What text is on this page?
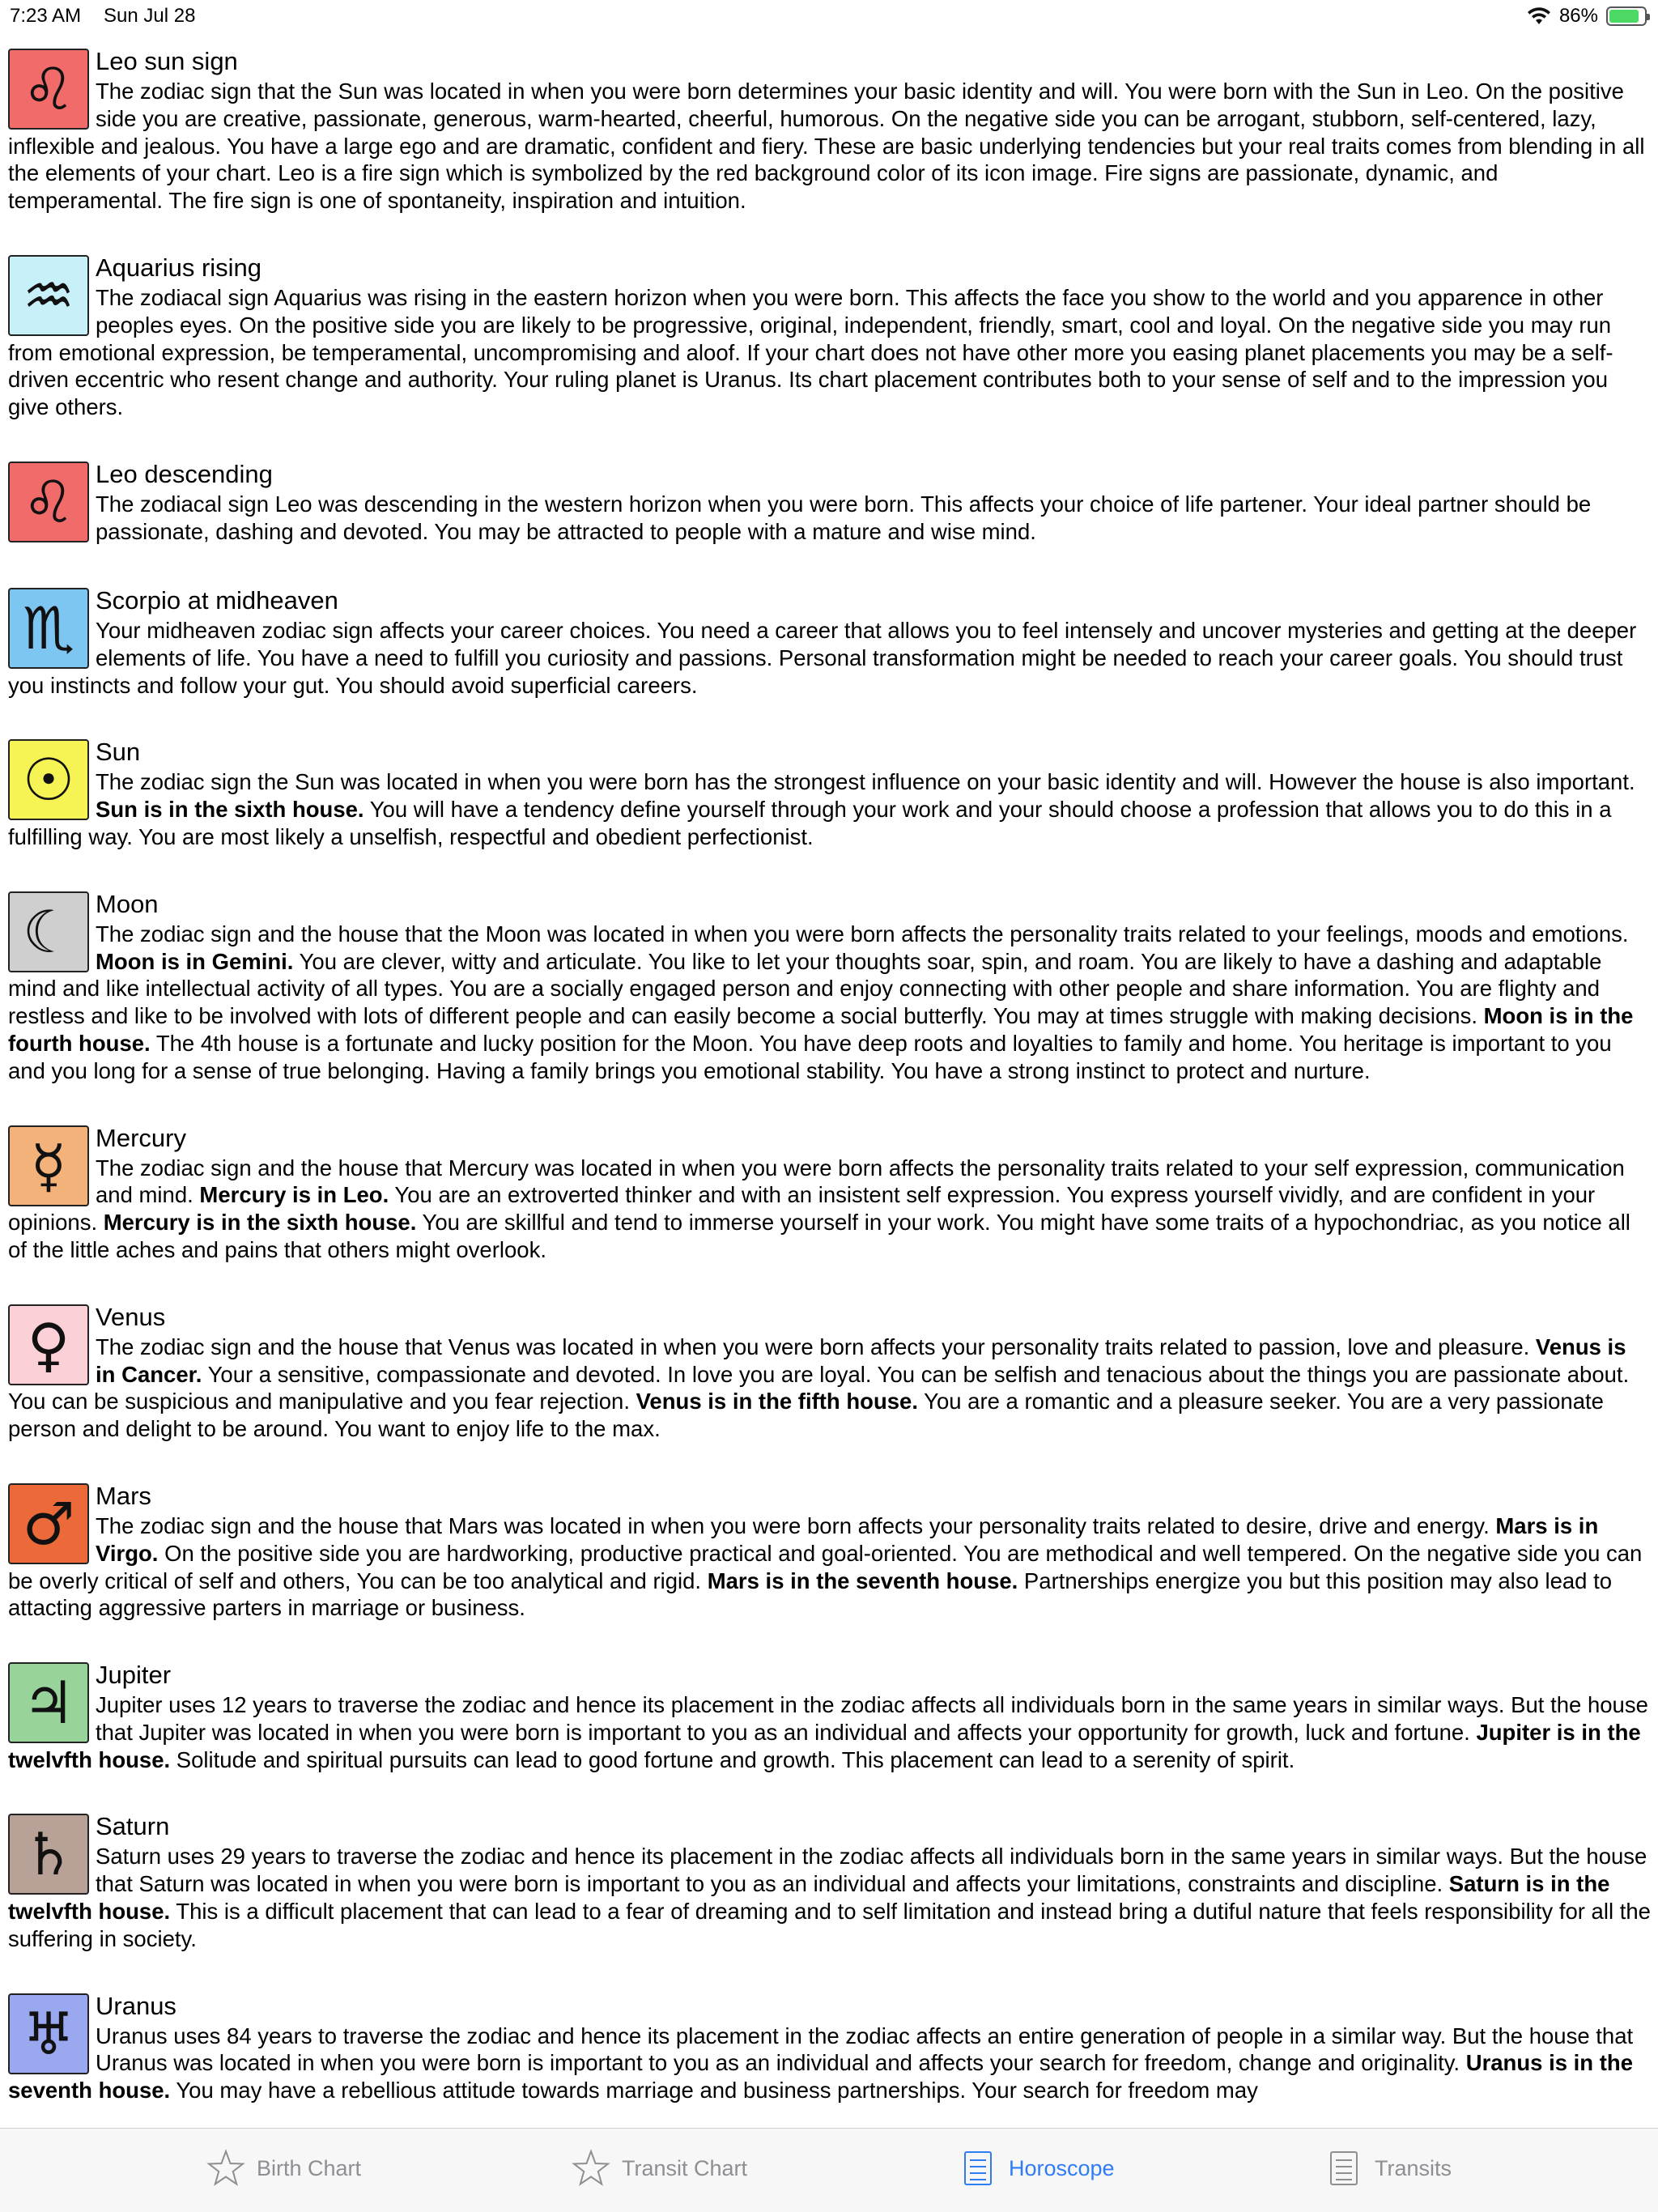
7:23 AM Sun Jul 28	86%
♌ Leo sun sign
The zodiac sign that the Sun was located in when you were born determines your basic identity and will. You were born with the Sun in Leo. On the positive side you are creative, passionate, generous, warm-hearted, cheerful, humorous. On the negative side you can be arrogant, stubborn, self-centered, lazy, inflexible and jealous. You have a large ego and are dramatic, confident and fiery. These are basic underlying tendencies but your real traits comes from blending in all the elements of your chart. Leo is a fire sign which is symbolized by the red background color of its icon image. Fire signs are passionate, dynamic, and temperamental. The fire sign is one of spontaneity, inspiration and intuition.
♒ Aquarius rising
The zodiacal sign Aquarius was rising in the eastern horizon when you were born. This affects the face you show to the world and you apparence in other peoples eyes. On the positive side you are likely to be progressive, original, independent, friendly, smart, cool and loyal. On the negative side you may run from emotional expression, be temperamental, uncompromising and aloof. If your chart does not have other more you easing planet placements you may be a self-driven eccentric who resent change and authority. Your ruling planet is Uranus. Its chart placement contributes both to your sense of self and to the impression you give others.
♌ Leo descending
The zodiacal sign Leo was descending in the western horizon when you were born. This affects your choice of life partener. Your ideal partner should be passionate, dashing and devoted. You may be attracted to people with a mature and wise mind.
♏ Scorpio at midheaven
Your midheaven zodiac sign affects your career choices. You need a career that allows you to feel intensely and uncover mysteries and getting at the deeper elements of life. You have a need to fulfill you curiosity and passions. Personal transformation might be needed to reach your career goals. You should trust you instincts and follow your gut. You should avoid superficial careers.
☉ Sun
The zodiac sign the Sun was located in when you were born has the strongest influence on your basic identity and will. However the house is also important. Sun is in the sixth house. You will have a tendency define yourself through your work and your should choose a profession that allows you to do this in a fulfilling way. You are most likely a unselfish, respectful and obedient perfectionist.
☾ Moon
The zodiac sign and the house that the Moon was located in when you were born affects the personality traits related to your feelings, moods and emotions. Moon is in Gemini. You are clever, witty and articulate. You like to let your thoughts soar, spin, and roam. You are likely to have a dashing and adaptable mind and like intellectual activity of all types. You are a socially engaged person and enjoy connecting with other people and share information. You are flighty and restless and like to be involved with lots of different people and can easily become a social butterfly. You may at times struggle with making decisions. Moon is in the fourth house. The 4th house is a fortunate and lucky position for the Moon. You have deep roots and loyalties to family and home. You heritage is important to you and you long for a sense of true belonging. Having a family brings you emotional stability. You have a strong instinct to protect and nurture.
☿ Mercury
The zodiac sign and the house that Mercury was located in when you were born affects the personality traits related to your self expression, communication and mind. Mercury is in Leo. You are an extroverted thinker and with an insistent self expression. You express yourself vividly, and are confident in your opinions. Mercury is in the sixth house. You are skillful and tend to immerse yourself in your work. You might have some traits of a hypochondriac, as you notice all of the little aches and pains that others might overlook.
♀ Venus
The zodiac sign and the house that Venus was located in when you were born affects your personality traits related to passion, love and pleasure. Venus is in Cancer. Your a sensitive, compassionate and devoted. In love you are loyal. You can be selfish and tenacious about the things you are passionate about. You can be suspicious and manipulative and you fear rejection. Venus is in the fifth house. You are a romantic and a pleasure seeker. You are a very passionate person and delight to be around. You want to enjoy life to the max.
♂ Mars
The zodiac sign and the house that Mars was located in when you were born affects your personality traits related to desire, drive and energy. Mars is in Virgo. On the positive side you are hardworking, productive practical and goal-oriented. You are methodical and well tempered. On the negative side you can be overly critical of self and others, You can be too analytical and rigid. Mars is in the seventh house. Partnerships energize you but this position may also lead to attacting aggressive parters in marriage or business.
♃ Jupiter
Jupiter uses 12 years to traverse the zodiac and hence its placement in the zodiac affects all individuals born in the same years in similar ways. But the house that Jupiter was located in when you were born is important to you as an individual and affects your opportunity for growth, luck and fortune. Jupiter is in the twelvfth house. Solitude and spiritual pursuits can lead to good fortune and growth. This placement can lead to a serenity of spirit.
♄ Saturn
Saturn uses 29 years to traverse the zodiac and hence its placement in the zodiac affects all individuals born in the same years in similar ways. But the house that Saturn was located in when you were born is important to you as an individual and affects your limitations, constraints and discipline. Saturn is in the twelvfth house. This is a difficult placement that can lead to a fear of dreaming and to self limitation and instead bring a dutiful nature that feels responsibility for all the suffering in society.
♅ Uranus
Uranus uses 84 years to traverse the zodiac and hence its placement in the zodiac affects an entire generation of people in a similar way. But the house that Uranus was located in when you were born is important to you as an individual and affects your search for freedom, change and originality. Uranus is in the seventh house. You may have a rebellious attitude towards marriage and business partnerships. Your search for freedom may
Birth Chart	Transit Chart	Horoscope	Transits
